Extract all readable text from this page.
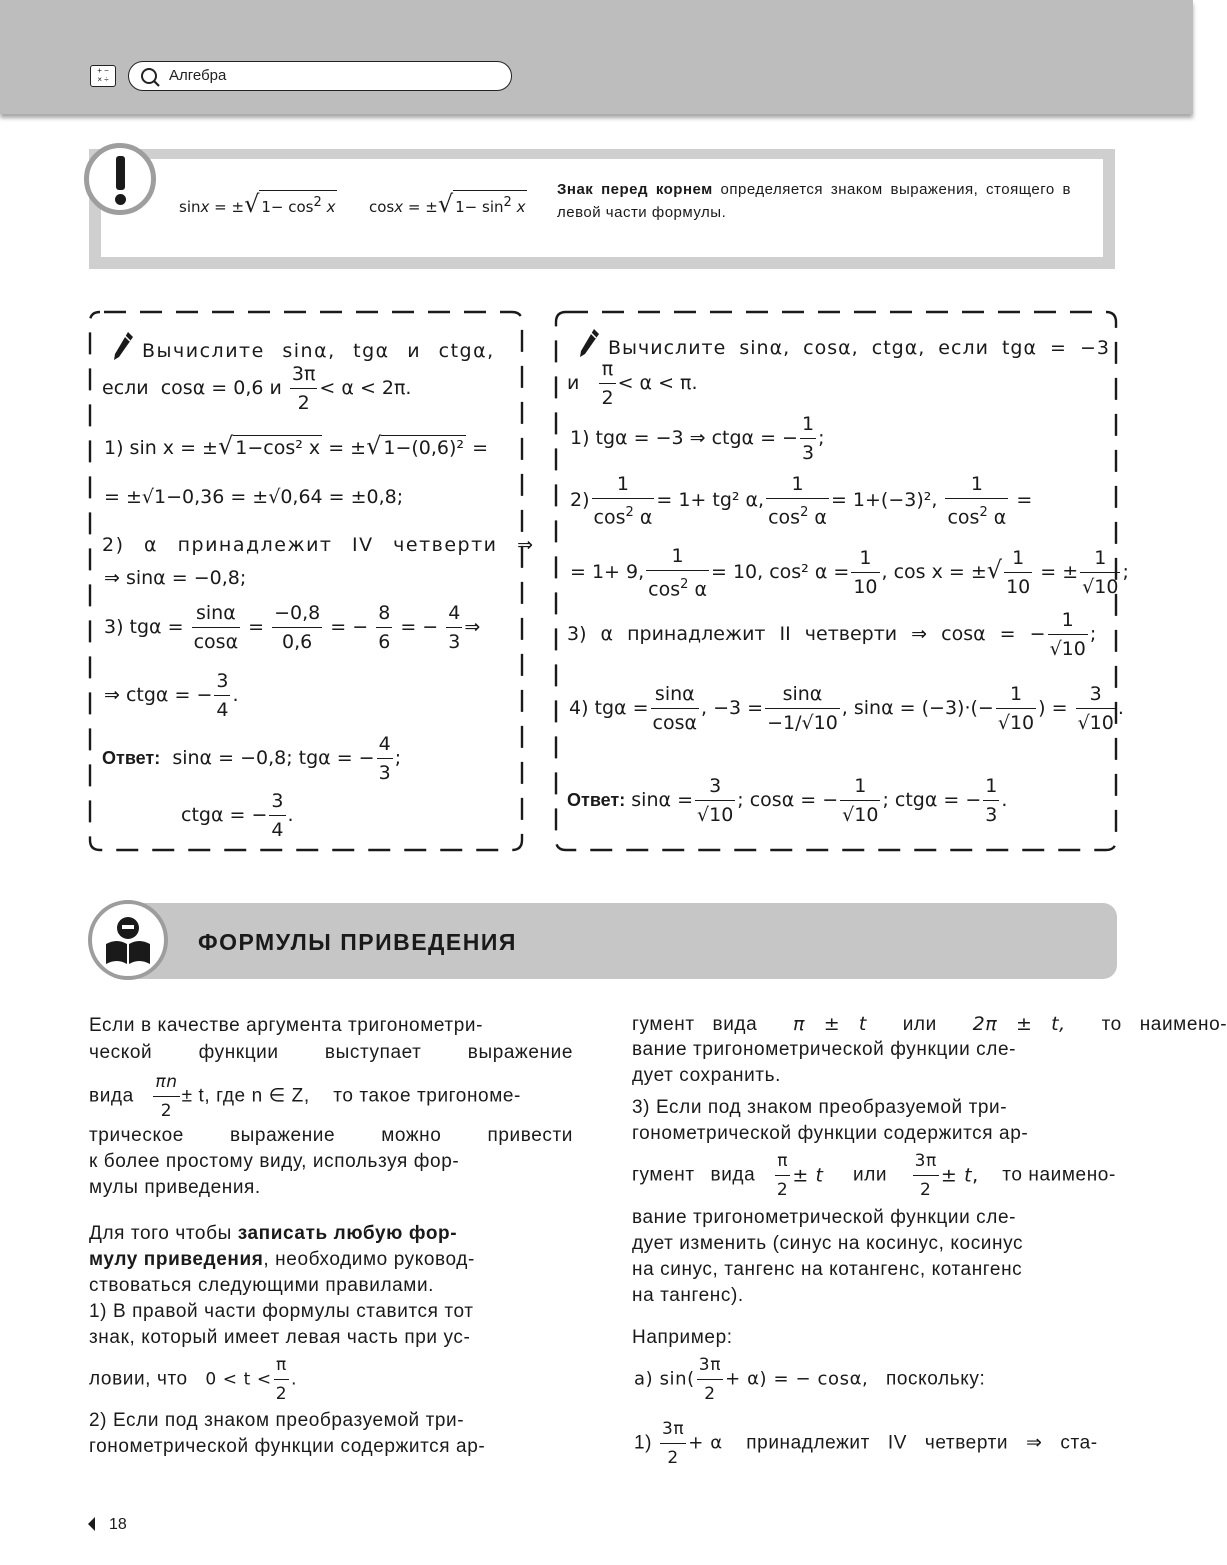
+ −
× ÷	Алгебра
sinx = ±√ $1- \cos^2 x$ cosx = ±√ $1- \sin^2 x$
Знак перед корнем определяется знаком выражения, стоящего в левой части формулы.
Вычислите sinα, tgα и ctgα,
если cosα = 0,6 и $\frac{3\pi}{2} < \alpha < 2\pi$.
1) sin x = ±√ 1−cos² x = ±√ 1−(0,6)² =
= ±√1−0,36 = ±√0,64 = ±0,8;
2) α принадлежит IV четверти ⇒
⇒ sinα = −0,8;
3) $tg\alpha = \frac{\sin\alpha}{\cos\alpha} = \frac{-0,8}{0,6}$ = − $\frac{8}{6}$ = − $\frac{4}{3}$ ⇒
⇒ ctgα = − $\frac{3}{4}$ .
Ответ: sinα = −0,8; tgα = − $\frac{4}{3}$ ;
ctgα = − $\frac{3}{4}$ .
Вычислите sinα, cosα, ctgα, если tgα = −3
и $\frac{\pi}{2} < \alpha < \pi$.
1) tgα = −3 ⇒ ctgα = − $\frac{1}{3}$ ;
$2) \frac{1}{\cos^2 \alpha} = 1+ tg^2$ α, $\frac{1}{\cos^2 \alpha} = 1+(-3)^2$, $\frac{1}{\cos^2 \alpha}$ =
= 1+ 9, $\frac{1}{\cos^2 \alpha} = 10$, cos² $\alpha = \frac{1}{10}$ , cos x = ±√ $\frac{1}{10}$ = ± $\frac{1}{√10}$ ;
3) α принадлежит II четверти ⇒ cosα = − $\frac{1}{√10}$ ;
4) $tg\alpha = \frac{\sin\alpha}{\cos\alpha}$ , $-3 = \frac{\sin\alpha}{-1/√10}$ , $\sin\alpha = (-3)\cdot(- \frac{1}{√10}$ ) = $\frac{3}{√10}$ .
Ответ: $\sin\alpha = \frac{3}{√10}$ ; cosα = − $\frac{1}{√10}$ ; ctgα = − $\frac{1}{3}$ .
ФОРМУЛЫ ПРИВЕДЕНИЯ
Если в качестве аргумента тригонометри-
ческой функции выступает выражение
вида $\frac{\pi n}{2} \pm t$, где n ∈ Z, то такое тригономе-
трическое выражение можно привести
к более простому виду, используя фор-
мулы приведения.
Для того чтобы записать любую фор-
мулу приведения, необходимо руковод-
ствоваться следующими правилами.
1) В правой части формулы ставится тот
знак, который имеет левая часть при ус-
ловии, что $0 < t < \frac{\pi}{2}$ .
2) Если под знаком преобразуемой три-
гонометрической функции содержится ар-
гумент вида π ± t или 2π ± t, то наимено-
вание тригонометрической функции сле-
дует сохранить.
3) Если под знаком преобразуемой три-
гонометрической функции содержится ар-
гумент вида $\frac{\pi}{2} \pm t$ или $\frac{3\pi}{2} \pm t$, то наимено-
вание тригонометрической функции сле-
дует изменить (синус на косинус, косинус
на синус, тангенс на котангенс, котангенс
на тангенс).
Например:
а) $\sin( \frac{3\pi}{2} + \alpha)$ = − cosα, поскольку:
$1) \frac{3\pi}{2} + \alpha$ принадлежит IV четверти ⇒ ста-
18
